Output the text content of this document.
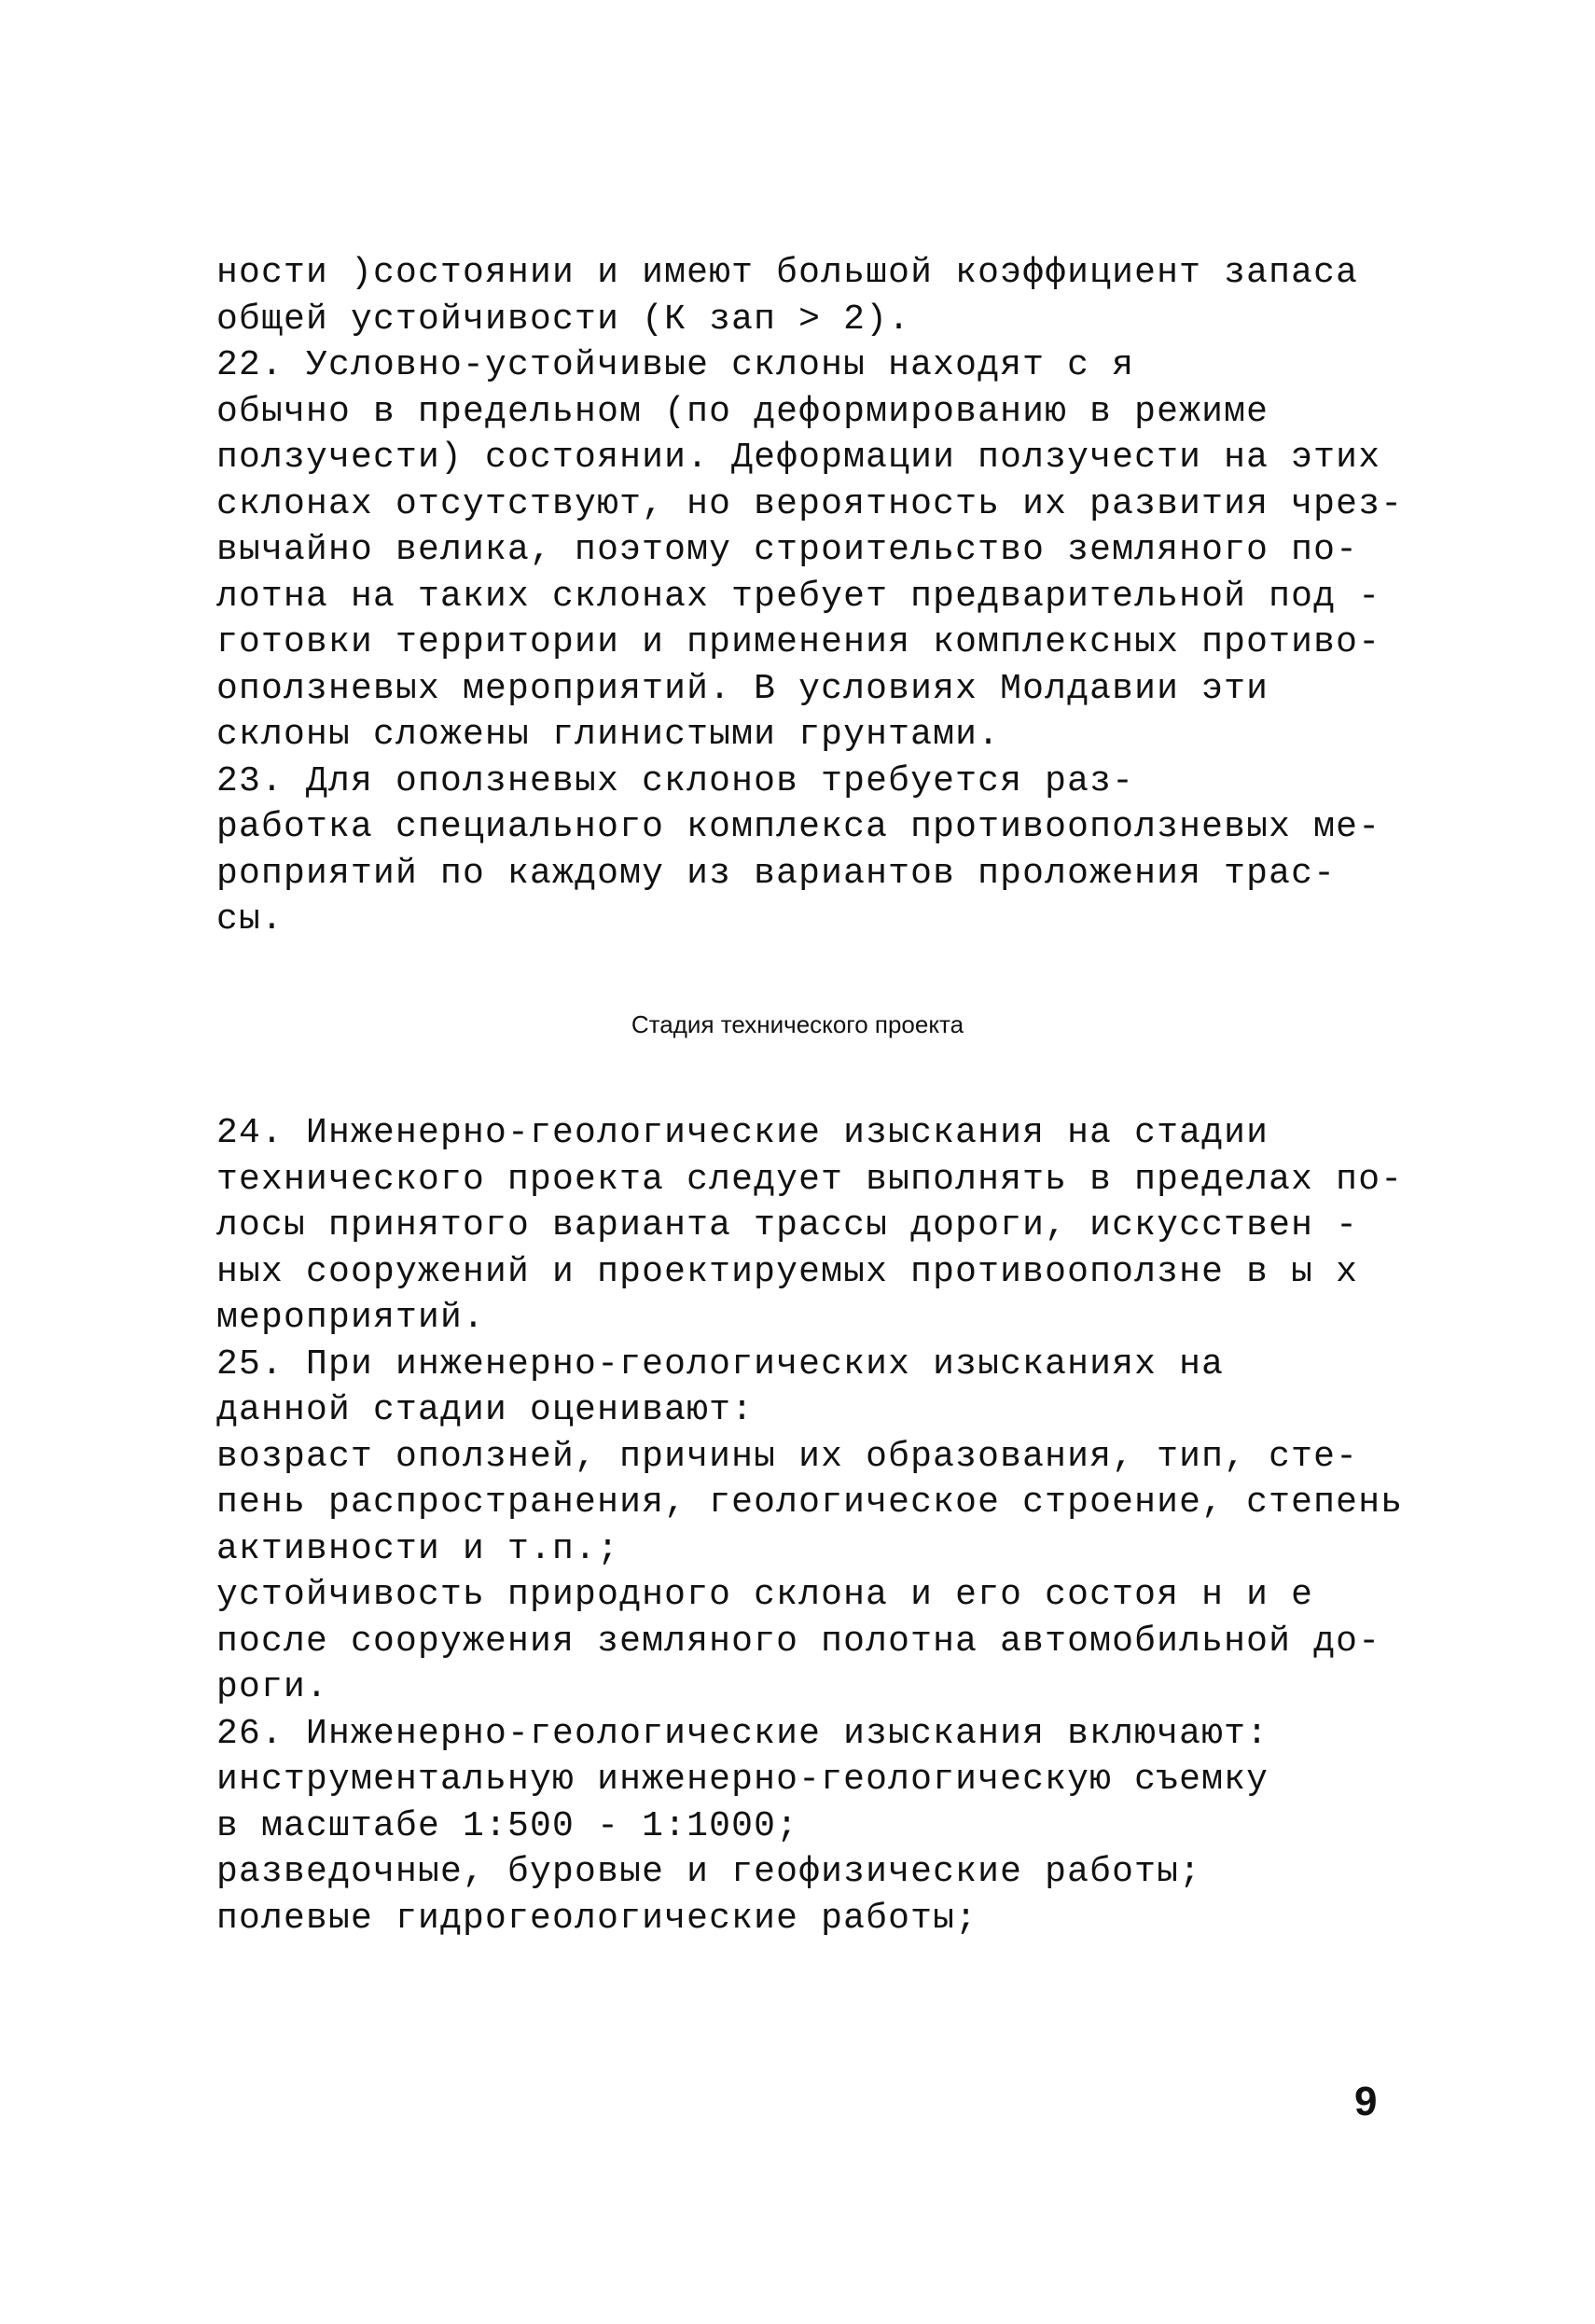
ности )состоянии и имеют большой коэффициент запаса
общей устойчивости (К зап > 2).
22. Условно-устойчивые склоны находят с я
обычно в предельном (по деформированию в режиме
ползучести) состоянии. Деформации ползучести на этих
склонах отсутствуют, но вероятность их развития чрез-
вычайно велика, поэтому строительство земляного по-
лотна на таких склонах требует предварительной под -
готовки территории и применения комплексных противо-
оползневых мероприятий. В условиях Молдавии эти
склоны сложены глинистыми грунтами.
23. Для оползневых склонов требуется раз-
работка специального комплекса противооползневых ме-
роприятий по каждому из вариантов проложения трас-
сы.
Стадия технического проекта
24. Инженерно-геологические изыскания на стадии
технического проекта следует выполнять в пределах по-
лосы принятого варианта трассы дороги, искусствен -
ных сооружений и проектируемых противооползне в ы х
мероприятий.
25. При инженерно-геологических изысканиях на
данной стадии оценивают:
возраст оползней, причины их образования, тип, сте-
пень распространения, геологическое строение, степень
активности и т.п.;
устойчивость природного склона и его состоя н и е
после сооружения земляного полотна автомобильной до-
роги.
26. Инженерно-геологические изыскания включают:
инструментальную инженерно-геологическую съемку
в масштабе 1:500 - 1:1000;
разведочные, буровые и геофизические работы;
полевые гидрогеологические работы;
9
